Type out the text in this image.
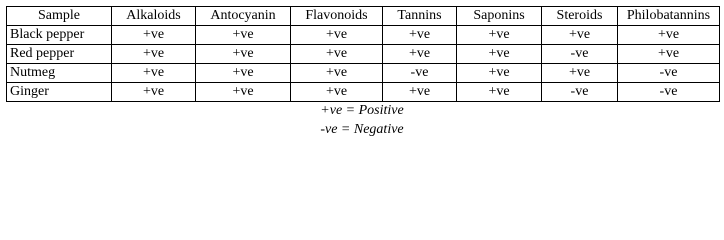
Sample	Alkaloids	Antocyanin	Flavonoids	Tannins	Saponins	Steroids	Philobatannins
Black pepper	+ve	+ve	+ve	+ve	+ve	+ve	+ve
Red pepper	+ve	+ve	+ve	+ve	+ve	-ve	+ve
Nutmeg	+ve	+ve	+ve	-ve	+ve	+ve	-ve
Ginger	+ve	+ve	+ve	+ve	+ve	-ve	-ve
+ve = Positive
-ve = Negative
